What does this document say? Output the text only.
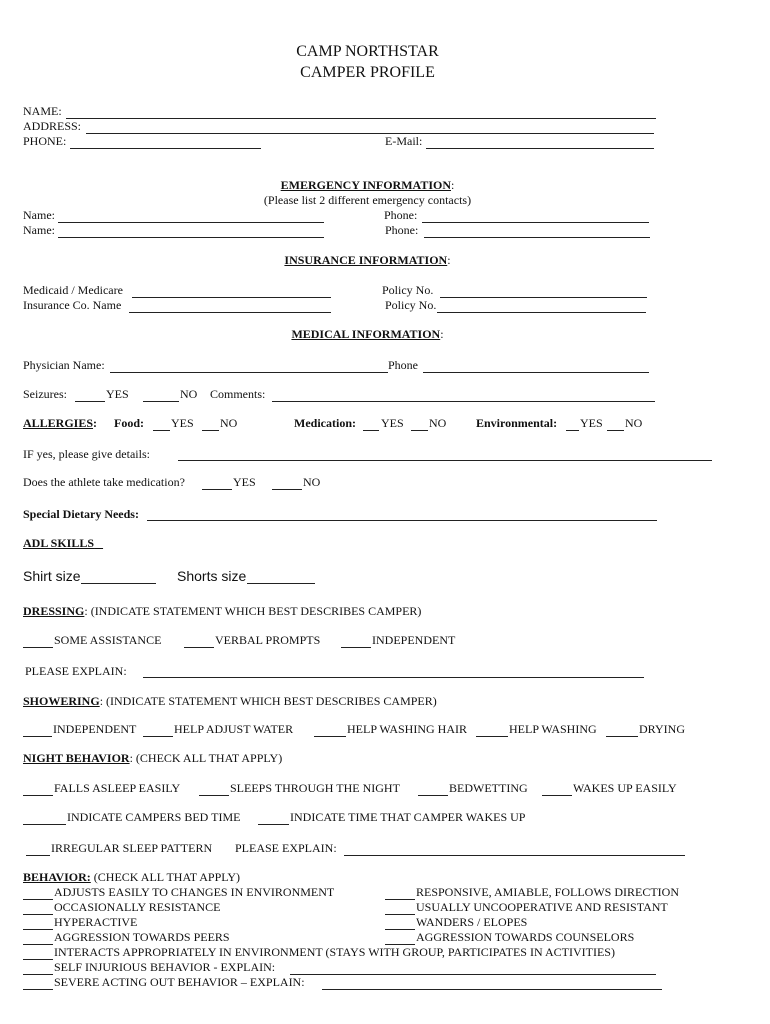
CAMP NORTHSTAR
CAMPER PROFILE
NAME:
ADDRESS:
PHONE:	E-Mail:
EMERGENCY INFORMATION:
(Please list 2 different emergency contacts)
Name:	Phone:
Name:	Phone:
INSURANCE INFORMATION:
Medicaid / Medicare	Policy No.
Insurance Co. Name	Policy No.
MEDICAL INFORMATION:
Physician Name:	Phone
Seizures:	YES	NO Comments:
ALLERGIES: Food: YES NO	Medication: YES NO Environmental: YES NO
IF yes, please give details:
Does the athlete take medication?	YES	NO
Special Dietary Needs:
ADL SKILLS
Shirt size	Shorts size
DRESSING: (INDICATE STATEMENT WHICH BEST DESCRIBES CAMPER)
SOME ASSISTANCE	VERBAL PROMPTS	INDEPENDENT
PLEASE EXPLAIN:
SHOWERING: (INDICATE STATEMENT WHICH BEST DESCRIBES CAMPER)
INDEPENDENT	HELP ADJUST WATER	HELP WASHING HAIR	HELP WASHING	DRYING
NIGHT BEHAVIOR: (CHECK ALL THAT APPLY)
FALLS ASLEEP EASILY	SLEEPS THROUGH THE NIGHT	BEDWETTING	WAKES UP EASILY
INDICATE CAMPERS BED TIME	INDICATE TIME THAT CAMPER WAKES UP
IRREGULAR SLEEP PATTERN PLEASE EXPLAIN:
BEHAVIOR: (CHECK ALL THAT APPLY)
ADJUSTS EASILY TO CHANGES IN ENVIRONMENT	RESPONSIVE, AMIABLE, FOLLOWS DIRECTION
OCCASIONALLY RESISTANCE	USUALLY UNCOOPERATIVE AND RESISTANT
HYPERACTIVE	WANDERS / ELOPES
AGGRESSION TOWARDS PEERS	AGGRESSION TOWARDS COUNSELORS
INTERACTS APPROPRIATELY IN ENVIRONMENT (STAYS WITH GROUP, PARTICIPATES IN ACTIVITIES)
SELF INJURIOUS BEHAVIOR - EXPLAIN:
SEVERE ACTING OUT BEHAVIOR – EXPLAIN:
